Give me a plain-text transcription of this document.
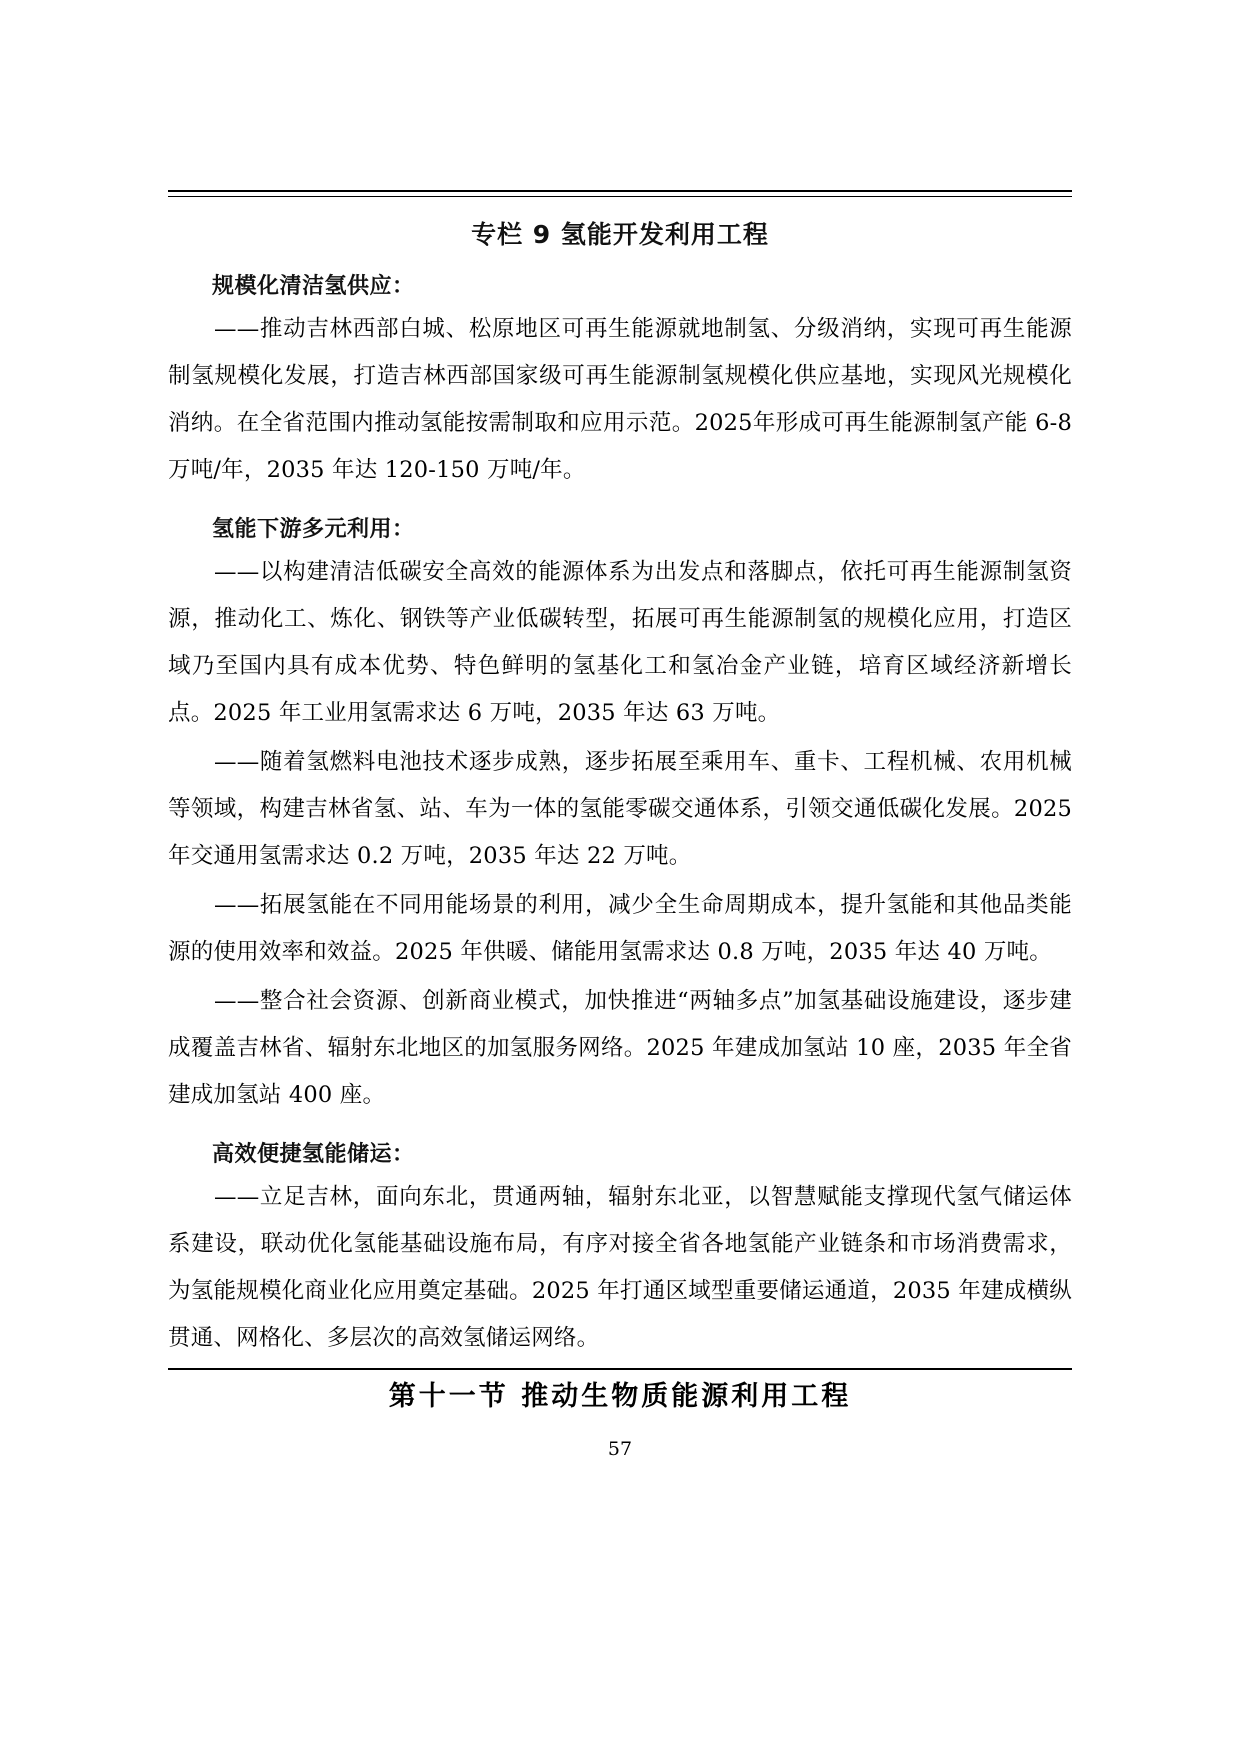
专栏 9 氢能开发利用工程
规模化清洁氢供应：

——推动吉林西部白城、松原地区可再生能源就地制氢、分级消纳，实现可再生能源制氢规模化发展，打造吉林西部国家级可再生能源制氢规模化供应基地，实现风光规模化消纳。在全省范围内推动氢能按需制取和应用示范。2025年形成可再生能源制氢产能 6-8 万吨/年，2035 年达 120-150 万吨/年。

氢能下游多元利用：

——以构建清洁低碳安全高效的能源体系为出发点和落脚点，依托可再生能源制氢资源，推动化工、炼化、钢铁等产业低碳转型，拓展可再生能源制氢的规模化应用，打造区域乃至国内具有成本优势、特色鲜明的氢基化工和氢冶金产业链，培育区域经济新增长点。2025 年工业用氢需求达 6 万吨，2035 年达 63 万吨。

——随着氢燃料电池技术逐步成熟，逐步拓展至乘用车、重卡、工程机械、农用机械等领域，构建吉林省氢、站、车为一体的氢能零碳交通体系，引领交通低碳化发展。2025 年交通用氢需求达 0.2 万吨，2035 年达 22 万吨。

——拓展氢能在不同用能场景的利用，减少全生命周期成本，提升氢能和其他品类能源的使用效率和效益。2025 年供暖、储能用氢需求达 0.8 万吨，2035 年达 40 万吨。

——整合社会资源、创新商业模式，加快推进“两轴多点”加氢基础设施建设，逐步建成覆盖吉林省、辐射东北地区的加氢服务网络。2025 年建成加氢站 10 座，2035 年全省建成加氢站 400 座。

高效便捷氢能储运：

——立足吉林，面向东北，贯通两轴，辐射东北亚，以智慧赋能支撑现代氢气储运体系建设，联动优化氢能基础设施布局，有序对接全省各地氢能产业链条和市场消费需求，为氢能规模化商业化应用奠定基础。2025 年打通区域型重要储运通道，2035 年建成横纵贯通、网格化、多层次的高效氢储运网络。

第十一节 推动生物质能源利用工程
57
